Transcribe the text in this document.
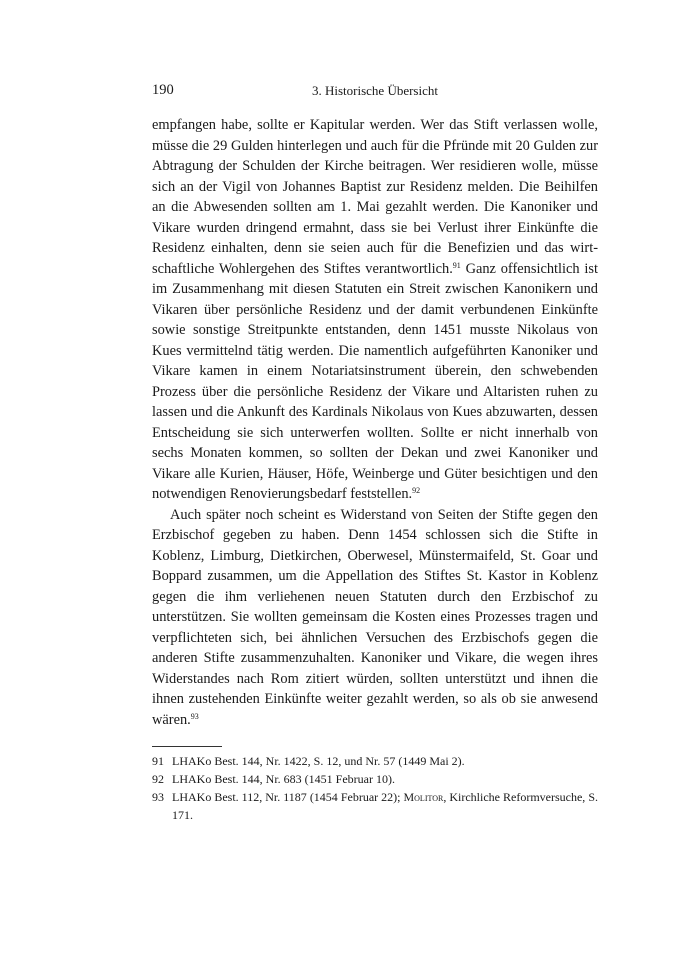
190	3. Historische Übersicht

empfangen habe, sollte er Kapitular werden. Wer das Stift verlassen wolle, müsse die 29 Gulden hinterlegen und auch für die Pfründe mit 20 Gulden zur Abtragung der Schulden der Kirche beitragen. Wer residieren wolle, müsse sich an der Vigil von Johannes Baptist zur Residenz melden. Die Beihilfen an die Abwesenden sollten am 1. Mai gezahlt werden. Die Kanoniker und Vikare wurden dringend ermahnt, dass sie bei Verlust ihrer Einkünfte die Residenz einhalten, denn sie seien auch für die Benefizien und das wirtschaftliche Wohlergehen des Stiftes verantwortlich.$^{91}$ Ganz offensichtlich ist im Zusammenhang mit diesen Statuten ein Streit zwischen Kanonikern und Vikaren über persönliche Residenz und der damit verbundenen Einkünfte sowie sonstige Streitpunkte entstanden, denn 1451 musste Nikolaus von Kues vermittelnd tätig werden. Die namentlich aufgeführten Kanoniker und Vikare kamen in einem Notariatsinstrument überein, den schwebenden Prozess über die persönliche Residenz der Vikare und Altaristen ruhen zu lassen und die Ankunft des Kardinals Nikolaus von Kues abzuwarten, dessen Entscheidung sie sich unterwerfen wollten. Sollte er nicht innerhalb von sechs Monaten kommen, so sollten der Dekan und zwei Kanoniker und Vikare alle Kurien, Häuser, Höfe, Weinberge und Güter besichtigen und den notwendigen Renovierungsbedarf feststellen.$^{92}$

Auch später noch scheint es Widerstand von Seiten der Stifte gegen den Erzbischof gegeben zu haben. Denn 1454 schlossen sich die Stifte in Koblenz, Limburg, Dietkirchen, Oberwesel, Münstermaifeld, St. Goar und Boppard zusammen, um die Appellation des Stiftes St. Kastor in Koblenz gegen die ihm verliehenen neuen Statuten durch den Erzbischof zu unterstützen. Sie wollten gemeinsam die Kosten eines Prozesses tragen und verpflichteten sich, bei ähnlichen Versuchen des Erzbischofs gegen die anderen Stifte zusammenzuhalten. Kanoniker und Vikare, die wegen ihres Widerstandes nach Rom zitiert würden, sollten unterstützt und ihnen die ihnen zustehenden Einkünfte weiter gezahlt werden, so als ob sie anwesend wären.$^{93}$

91 LHAKo Best. 144, Nr. 1422, S. 12, und Nr. 57 (1449 Mai 2).
92 LHAKo Best. 144, Nr. 683 (1451 Februar 10).
93 LHAKo Best. 112, Nr. 1187 (1454 Februar 22); Molitor, Kirchliche Reformversuche, S. 171.
